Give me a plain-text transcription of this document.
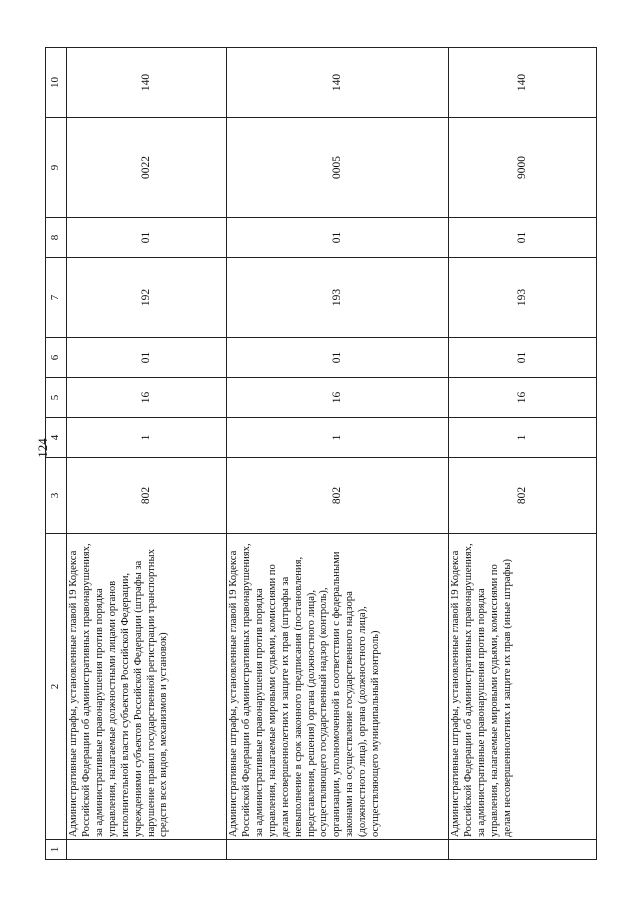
124
1	2	3	4	5	6	7	8	9	10
	Административные штрафы, установленные главой 19 Кодекса Российской Федерации об административных правонарушениях, за административные правонарушения против порядка управления, налагаемые должностными лицами органов исполнительной власти субъектов Российской Федерации, учреждениями субъектов Российской Федерации (штрафы за нарушение правил государственной регистрации транспортных средств всех видов, механизмов и установок)	802	1	16	01	192	01	0022	140
	Административные штрафы, установленные главой 19 Кодекса Российской Федерации об административных правонарушениях, за административные правонарушения против порядка управления, налагаемые мировыми судьями, комиссиями по делам несовершеннолетних и защите их прав (штрафы за невыполнение в срок законного предписания (постановления, представления, решения) органа (должностного лица), осуществляющего государственный надзор (контроль), организации, уполномоченной в соответствии с федеральными законами на осуществление государственного надзора (должностного лица), органа (должностного лица), осуществляющего муниципальный контроль)	802	1	16	01	193	01	0005	140
	Административные штрафы, установленные главой 19 Кодекса Российской Федерации об административных правонарушениях, за административные правонарушения против порядка управления, налагаемые мировыми судьями, комиссиями по делам несовершеннолетних и защите их прав (иные штрафы)	802	1	16	01	193	01	9000	140
